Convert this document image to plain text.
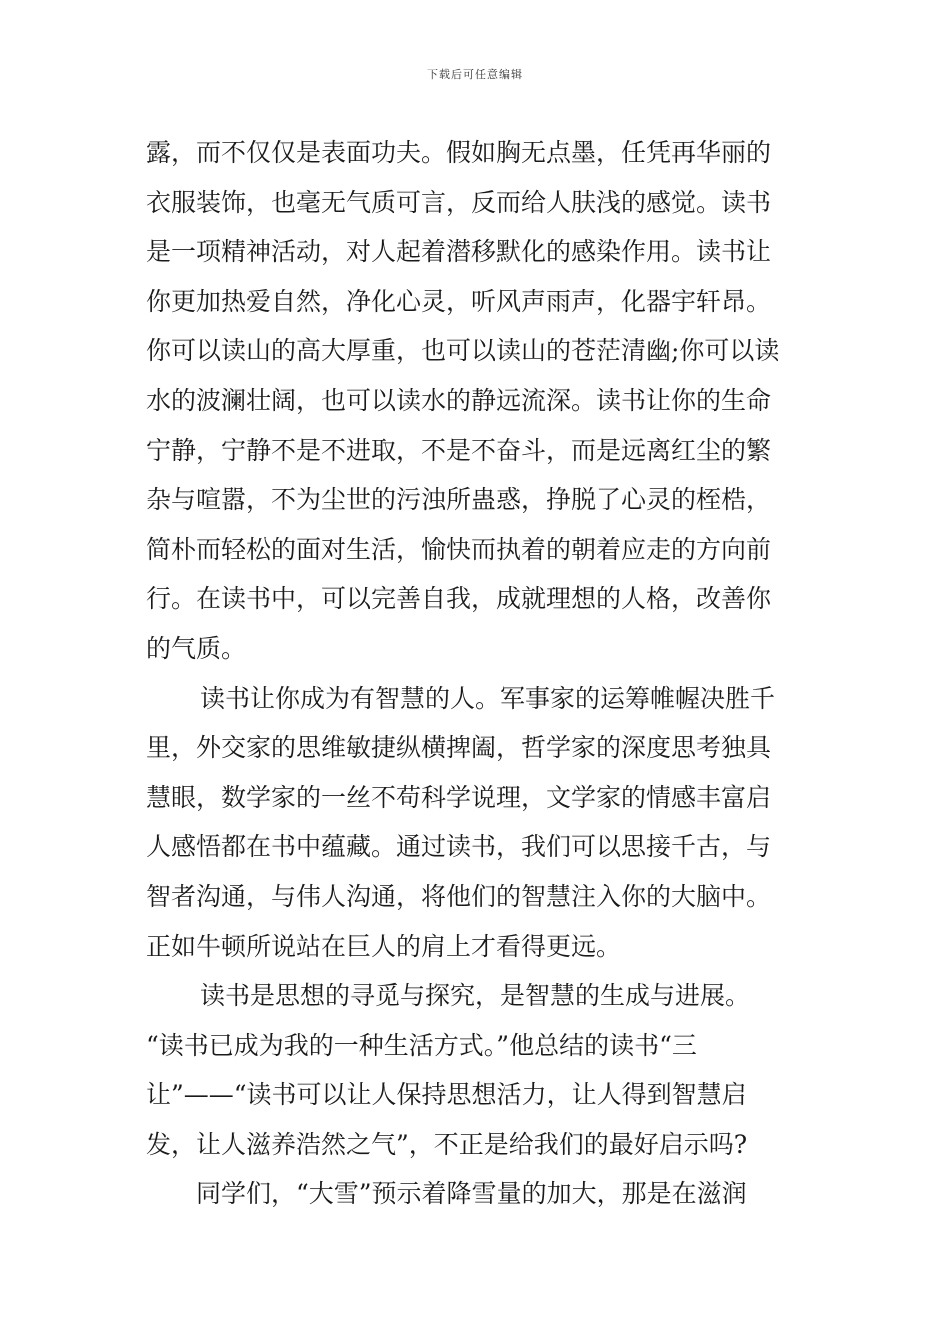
下载后可任意编辑
露，而不仅仅是表面功夫。假如胸无点墨，任凭再华丽的
衣服装饰，也毫无气质可言，反而给人肤浅的感觉。读书
是一项精神活动，对人起着潜移默化的感染作用。读书让
你更加热爱自然，净化心灵，听风声雨声，化器宇轩昂。
你可以读山的高大厚重，也可以读山的苍茫清幽;你可以读
水的波澜壮阔，也可以读水的静远流深。读书让你的生命
宁静，宁静不是不进取，不是不奋斗，而是远离红尘的繁
杂与喧嚣，不为尘世的污浊所蛊惑，挣脱了心灵的桎梏，
简朴而轻松的面对生活，愉快而执着的朝着应走的方向前
行。在读书中，可以完善自我，成就理想的人格，改善你
的气质。
读书让你成为有智慧的人。军事家的运筹帷幄决胜千
里，外交家的思维敏捷纵横捭阖，哲学家的深度思考独具
慧眼，数学家的一丝不苟科学说理，文学家的情感丰富启
人感悟都在书中蕴藏。通过读书，我们可以思接千古，与
智者沟通，与伟人沟通，将他们的智慧注入你的大脑中。
正如牛顿所说站在巨人的肩上才看得更远。
读书是思想的寻觅与探究，是智慧的生成与进展。
“读书已成为我的一种生活方式。”他总结的读书“三
让”——“读书可以让人保持思想活力，让人得到智慧启
发，让人滋养浩然之气”，不正是给我们的最好启示吗?
同学们，“大雪”预示着降雪量的加大，那是在滋润
